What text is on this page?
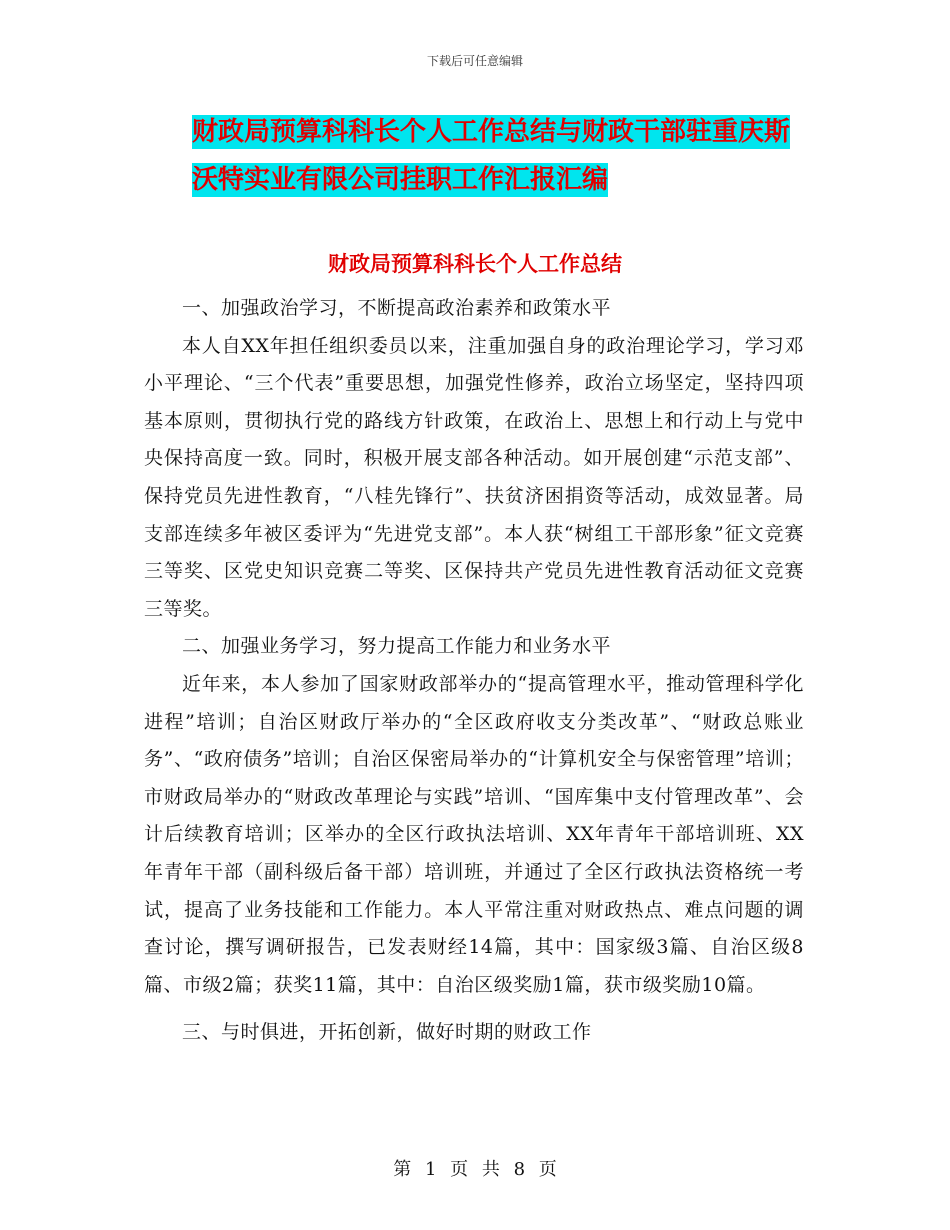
下载后可任意编辑
财政局预算科科长个人工作总结与财政干部驻重庆斯
沃特实业有限公司挂职工作汇报汇编
财政局预算科科长个人工作总结

一、加强政治学习，不断提高政治素养和政策水平

本人自XX年担任组织委员以来，注重加强自身的政治理论学习，学习邓小平理论、“三个代表”重要思想，加强党性修养，政治立场坚定，坚持四项基本原则，贯彻执行党的路线方针政策，在政治上、思想上和行动上与党中央保持高度一致。同时，积极开展支部各种活动。如开展创建“示范支部”、保持党员先进性教育，“八桂先锋行”、扶贫济困捐资等活动，成效显著。局支部连续多年被区委评为“先进党支部”。本人获“树组工干部形象”征文竞赛三等奖、区党史知识竞赛二等奖、区保持共产党员先进性教育活动征文竞赛三等奖。

二、加强业务学习，努力提高工作能力和业务水平

近年来，本人参加了国家财政部举办的“提高管理水平，推动管理科学化进程”培训；自治区财政厅举办的“全区政府收支分类改革”、“财政总账业务”、“政府债务”培训；自治区保密局举办的“计算机安全与保密管理”培训；市财政局举办的“财政改革理论与实践”培训、“国库集中支付管理改革”、会计后续教育培训；区举办的全区行政执法培训、XX年青年干部培训班、XX年青年干部（副科级后备干部）培训班，并通过了全区行政执法资格统一考试，提高了业务技能和工作能力。本人平常注重对财政热点、难点问题的调查讨论，撰写调研报告，已发表财经14篇，其中：国家级3篇、自治区级8篇、市级2篇；获奖11篇，其中：自治区级奖励1篇，获市级奖励10篇。

三、与时俱进，开拓创新，做好时期的财政工作

第 1 页 共 8 页
